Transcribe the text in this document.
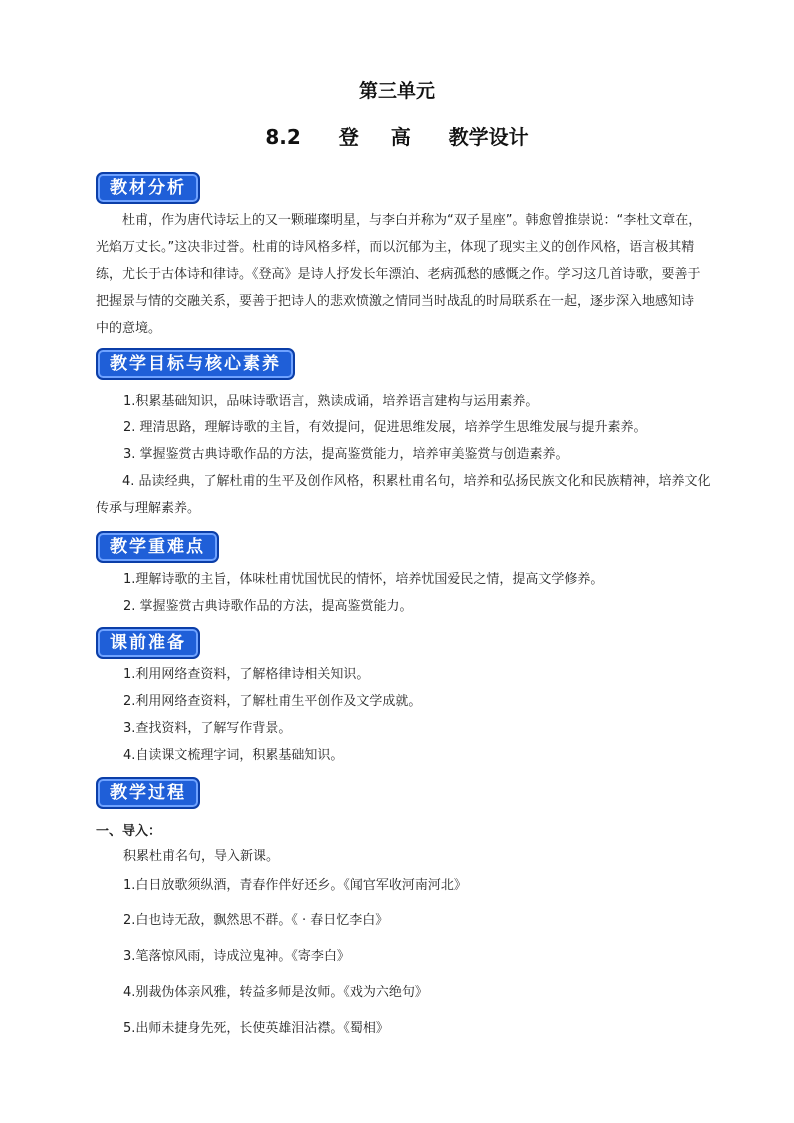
第三单元
8.2 登 高 教学设计
教材分析

杜甫，作为唐代诗坛上的又一颗璀璨明星，与李白并称为“双子星座”。韩愈曾推崇说：“李杜文章在，光焰万丈长。”这决非过誉。杜甫的诗风格多样，而以沉郁为主，体现了现实主义的创作风格，语言极其精练，尤长于古体诗和律诗。《登高》是诗人抒发长年漂泊、老病孤愁的感慨之作。学习这几首诗歌，要善于把握景与情的交融关系，要善于把诗人的悲欢愤激之情同当时战乱的时局联系在一起，逐步深入地感知诗中的意境。

教学目标与核心素养
1.积累基础知识，品味诗歌语言，熟读成诵，培养语言建构与运用素养。
2. 理清思路，理解诗歌的主旨，有效提问，促进思维发展，培养学生思维发展与提升素养。
3. 掌握鉴赏古典诗歌作品的方法，提高鉴赏能力，培养审美鉴赏与创造素养。

4. 品读经典，了解杜甫的生平及创作风格，积累杜甫名句，培养和弘扬民族文化和民族精神，培养文化传承与理解素养。

教学重难点
1.理解诗歌的主旨，体味杜甫忧国忧民的情怀，培养忧国爱民之情，提高文学修养。
2. 掌握鉴赏古典诗歌作品的方法，提高鉴赏能力。
课前准备
1.利用网络查资料，了解格律诗相关知识。
2.利用网络查资料，了解杜甫生平创作及文学成就。
3.查找资料，了解写作背景。
4.自读课文梳理字词，积累基础知识。
教学过程
一、导入：
积累杜甫名句，导入新课。
1.白日放歌须纵酒，青春作伴好还乡。《闻官军收河南河北》
2.白也诗无敌，飘然思不群。《 · 春日忆李白》
3.笔落惊风雨，诗成泣鬼神。《寄李白》
4.别裁伪体亲风雅，转益多师是汝师。《戏为六绝句》
5.出师未捷身先死，长使英雄泪沾襟。《蜀相》
